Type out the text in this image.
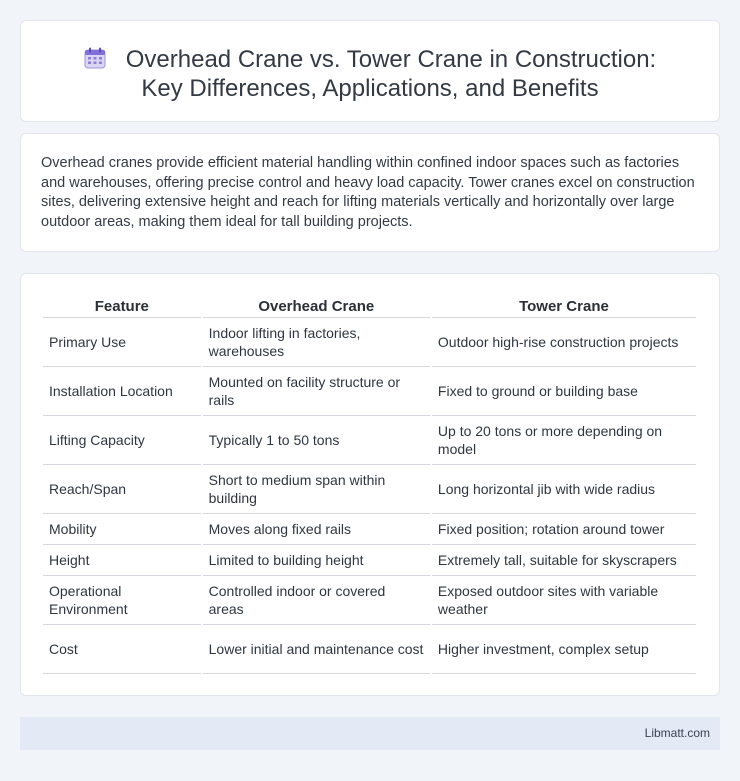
Overhead Crane vs. Tower Crane in Construction: Key Differences, Applications, and Benefits

Overhead cranes provide efficient material handling within confined indoor spaces such as factories and warehouses, offering precise control and heavy load capacity. Tower cranes excel on construction sites, delivering extensive height and reach for lifting materials vertically and horizontally over large outdoor areas, making them ideal for tall building projects.

Feature	Overhead Crane	Tower Crane
Primary Use	Indoor lifting in factories, warehouses	Outdoor high-rise construction projects
Installation Location	Mounted on facility structure or rails	Fixed to ground or building base
Lifting Capacity	Typically 1 to 50 tons	Up to 20 tons or more depending on model
Reach/Span	Short to medium span within building	Long horizontal jib with wide radius
Mobility	Moves along fixed rails	Fixed position; rotation around tower
Height	Limited to building height	Extremely tall, suitable for skyscrapers
Operational Environment	Controlled indoor or covered areas	Exposed outdoor sites with variable weather
Cost	Lower initial and maintenance cost	Higher investment, complex setup
Libmatt.com
